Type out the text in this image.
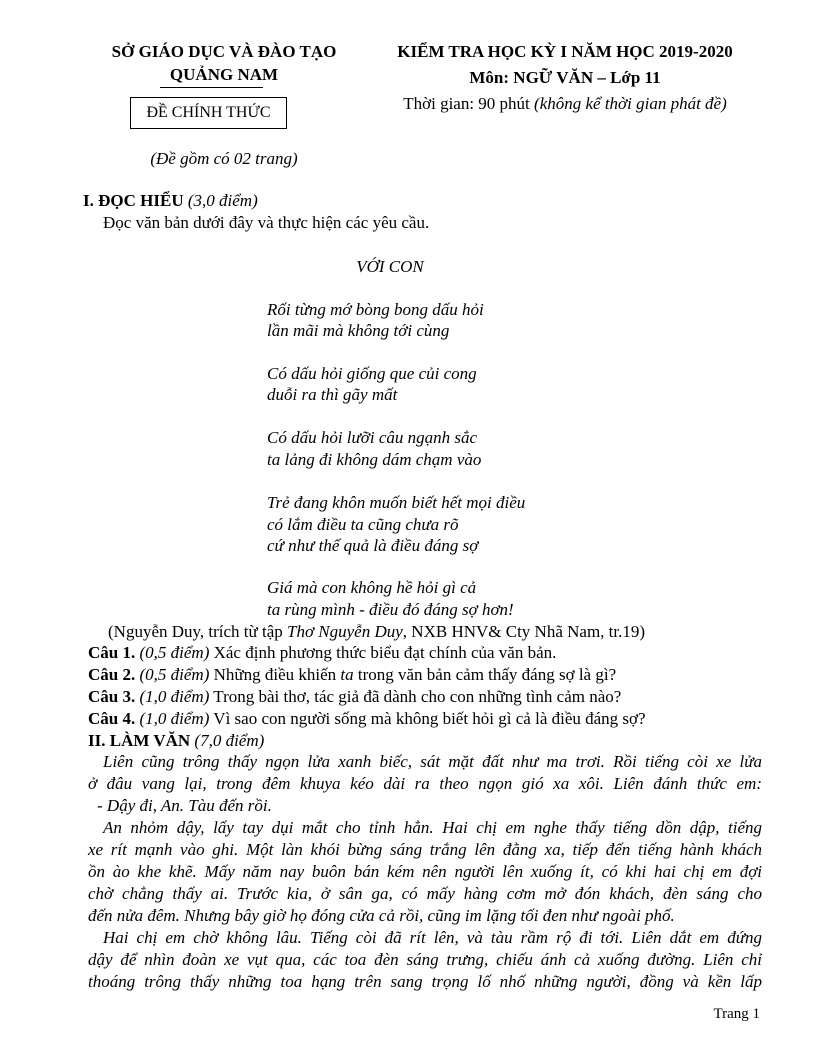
SỞ GIÁO DỤC VÀ ĐÀO TẠO
QUẢNG NAM
ĐỀ CHÍNH THỨC
(Đề gồm có 02 trang)
KIỂM TRA HỌC KỲ I NĂM HỌC 2019-2020
Môn: NGỮ VĂN – Lớp 11
Thời gian: 90 phút (không kể thời gian phát đề)
I. ĐỌC HIỂU (3,0 điểm)
Đọc văn bản dưới đây và thực hiện các yêu cầu.
VỚI CON
Rối từng mớ bòng bong dấu hỏi
lần mãi mà không tới cùng
Có dấu hỏi giống que củi cong
duỗi ra thì gãy mất
Có dấu hỏi lưỡi câu ngạnh sắc
ta lảng đi không dám chạm vào
Trẻ đang khôn muốn biết hết mọi điều
có lắm điều ta cũng chưa rõ
cứ như thế quả là điều đáng sợ
Giá mà con không hề hỏi gì cả
ta rùng mình - điều đó đáng sợ hơn!
(Nguyễn Duy, trích từ tập Thơ Nguyễn Duy, NXB HNV& Cty Nhã Nam, tr.19)
Câu 1. (0,5 điểm) Xác định phương thức biểu đạt chính của văn bản.
Câu 2. (0,5 điểm) Những điều khiến ta trong văn bản cảm thấy đáng sợ là gì?
Câu 3. (1,0 điểm) Trong bài thơ, tác giả đã dành cho con những tình cảm nào?
Câu 4. (1,0 điểm) Vì sao con người sống mà không biết hỏi gì cả là điều đáng sợ?
II. LÀM VĂN (7,0 điểm)
Liên cũng trông thấy ngọn lửa xanh biếc, sát mặt đất như ma trơi. Rồi tiếng còi xe lửa
ở đâu vang lại, trong đêm khuya kéo dài ra theo ngọn gió xa xôi. Liên đánh thức em:
- Dậy đi, An. Tàu đến rồi.
An nhỏm dậy, lấy tay dụi mắt cho tỉnh hẳn. Hai chị em nghe thấy tiếng dồn dập, tiếng
xe rít mạnh vào ghi. Một làn khói bừng sáng trắng lên đằng xa, tiếp đến tiếng hành khách
ồn ào khe khẽ. Mấy năm nay buôn bán kém nên người lên xuống ít, có khi hai chị em đợi
chờ chẳng thấy ai. Trước kia, ở sân ga, có mấy hàng cơm mở đón khách, đèn sáng cho
đến nửa đêm. Nhưng bây giờ họ đóng cửa cả rồi, cũng im lặng tối đen như ngoài phố.
Hai chị em chờ không lâu. Tiếng còi đã rít lên, và tàu rầm rộ đi tới. Liên dắt em đứng
dậy để nhìn đoàn xe vụt qua, các toa đèn sáng trưng, chiếu ánh cả xuống đường. Liên chỉ
thoáng trông thấy những toa hạng trên sang trọng lố nhố những người, đồng và kền lấp
Trang 1
